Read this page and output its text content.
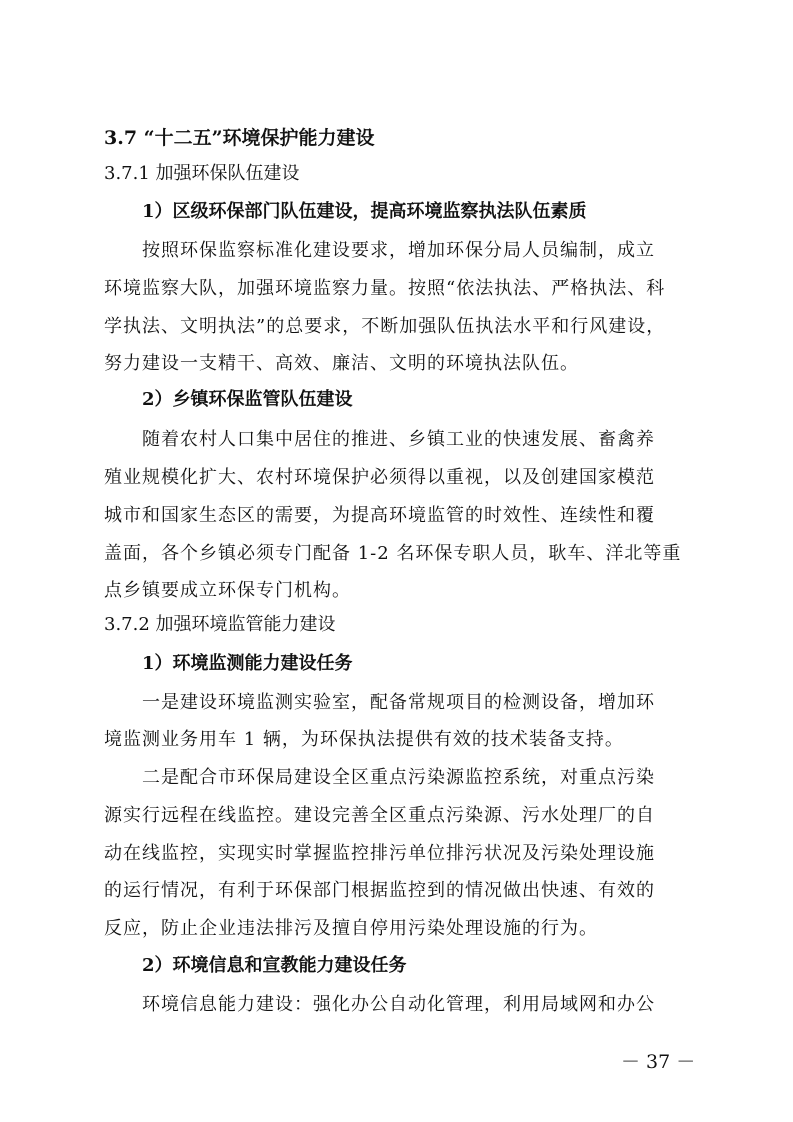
3.7 “十二五”环境保护能力建设
3.7.1 加强环保队伍建设
1）区级环保部门队伍建设，提高环境监察执法队伍素质
按照环保监察标准化建设要求，增加环保分局人员编制，成立
环境监察大队，加强环境监察力量。按照“依法执法、严格执法、科
学执法、文明执法”的总要求，不断加强队伍执法水平和行风建设，
努力建设一支精干、高效、廉洁、文明的环境执法队伍。
2）乡镇环保监管队伍建设
随着农村人口集中居住的推进、乡镇工业的快速发展、畜禽养
殖业规模化扩大、农村环境保护必须得以重视，以及创建国家模范
城市和国家生态区的需要，为提高环境监管的时效性、连续性和覆
盖面，各个乡镇必须专门配备 1-2 名环保专职人员，耿车、洋北等重
点乡镇要成立环保专门机构。
3.7.2 加强环境监管能力建设
1）环境监测能力建设任务
一是建设环境监测实验室，配备常规项目的检测设备，增加环
境监测业务用车 1 辆，为环保执法提供有效的技术装备支持。
二是配合市环保局建设全区重点污染源监控系统，对重点污染
源实行远程在线监控。建设完善全区重点污染源、污水处理厂的自
动在线监控，实现实时掌握监控排污单位排污状况及污染处理设施
的运行情况，有利于环保部门根据监控到的情况做出快速、有效的
反应，防止企业违法排污及擅自停用污染处理设施的行为。
2）环境信息和宣教能力建设任务
环境信息能力建设：强化办公自动化管理，利用局域网和办公
－ 37 －
